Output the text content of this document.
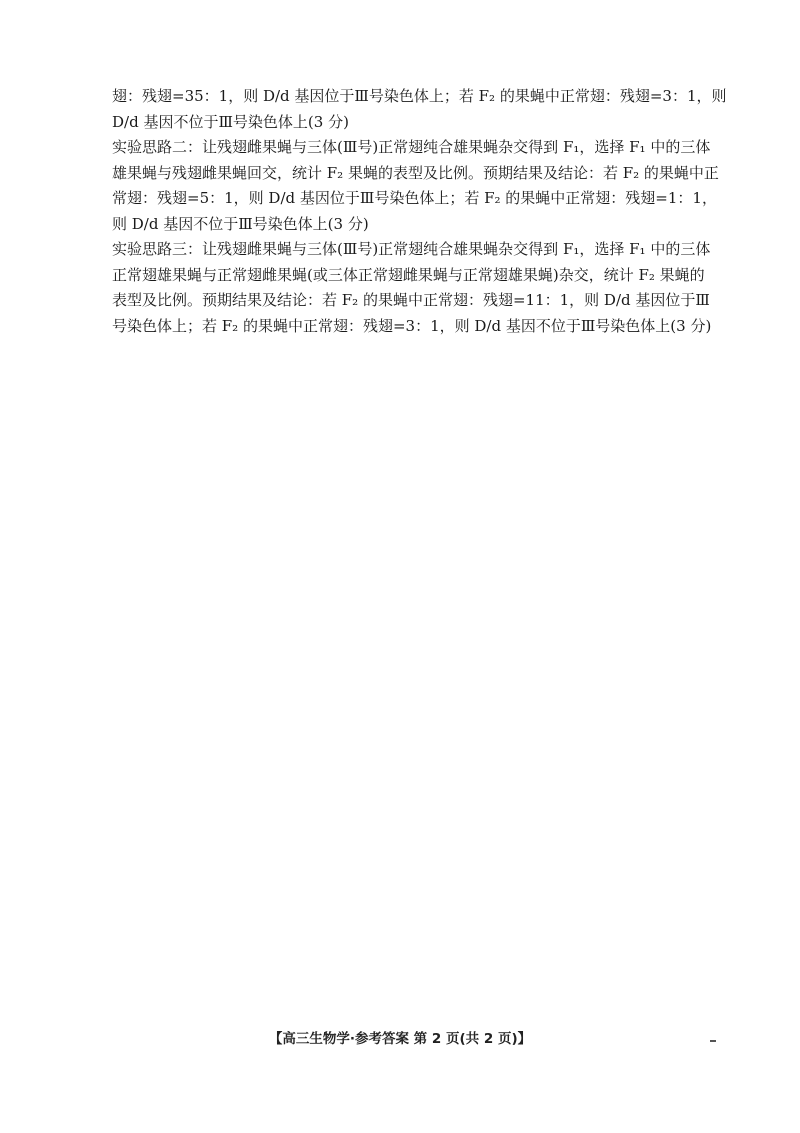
翅：残翅=35：1，则 D/d 基因位于Ⅲ号染色体上；若 F₂ 的果蝇中正常翅：残翅=3：1，则
D/d 基因不位于Ⅲ号染色体上(3 分)
实验思路二：让残翅雌果蝇与三体(Ⅲ号)正常翅纯合雄果蝇杂交得到 F₁，选择 F₁ 中的三体
雄果蝇与残翅雌果蝇回交，统计 F₂ 果蝇的表型及比例。预期结果及结论：若 F₂ 的果蝇中正
常翅：残翅=5：1，则 D/d 基因位于Ⅲ号染色体上；若 F₂ 的果蝇中正常翅：残翅=1：1，
则 D/d 基因不位于Ⅲ号染色体上(3 分)
实验思路三：让残翅雌果蝇与三体(Ⅲ号)正常翅纯合雄果蝇杂交得到 F₁，选择 F₁ 中的三体
正常翅雄果蝇与正常翅雌果蝇(或三体正常翅雌果蝇与正常翅雄果蝇)杂交，统计 F₂ 果蝇的
表型及比例。预期结果及结论：若 F₂ 的果蝇中正常翅：残翅=11：1，则 D/d 基因位于Ⅲ
号染色体上；若 F₂ 的果蝇中正常翅：残翅=3：1，则 D/d 基因不位于Ⅲ号染色体上(3 分)
【高三生物学·参考答案 第 2 页(共 2 页)】
